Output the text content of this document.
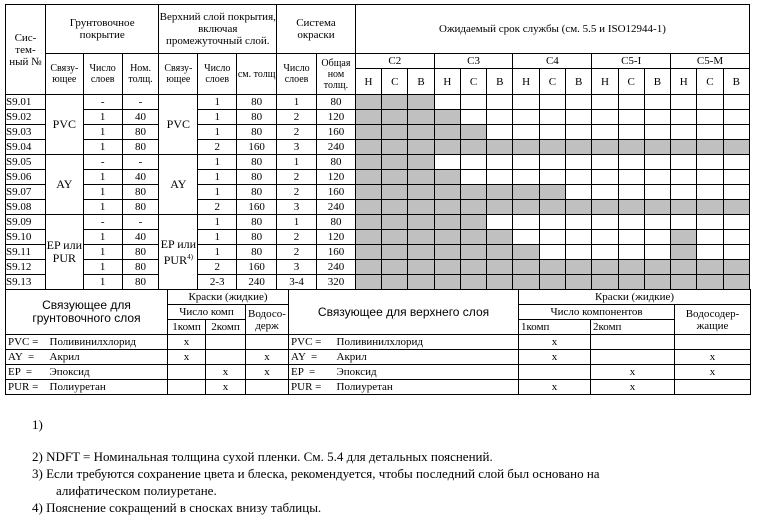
Сис-тем-ный №	Грунтовочное покрытие			Верхний слой покрытия, включая промежуточный слой.			Система окраски		Ожидаемый срок службы (см. 5.5 и ISO12944-1)														
	Связу-ющее	Число слоев	Ном. толщ.	Связу-ющее	Число слоев	см. толщ	Число слоев	Общая ном толщ.	C2			C3			C4			C5-I			C5-M		
									Н	С	В	Н	С	В	Н	С	В	Н	С	В	Н	С	В
S9.01	PVC	-	-	PVC	1	80	1	80															
S9.02		1	40		1	80	2	120															
S9.03		1	80		1	80	2	160															
S9.04		1	80		2	160	3	240															
S9.05	AY	-	-	AY	1	80	1	80															
S9.06		1	40		1	80	2	120															
S9.07		1	80		1	80	2	160															
S9.08		1	80		2	160	3	240															
S9.09	EP или PUR	-	-	EP или PUR$^{4)}$	1	80	1	80															
S9.10		1	40		1	80	2	120															
S9.11		1	80		1	80	2	160															
S9.12		1	80		2	160	3	240															
S9.13		1	80		2-3	240	3-4	320															
Связующее для грунтовочного слоя		Краски (жидкие)			Связующее для верхнего слоя		Краски (жидкие)		
		Число комп		Водосо-держ			Число компонентов		Водосодер-жащие
		1комп	2комп				1комп	2комп	
PVC =	Поливинилхлорид	x			PVC =	Поливинилхлорид	x		
AY  =	Акрил	x		x	AY  =	Акрил	x		x
EP  =	Эпоксид		x	x	EP  =	Эпоксид		x	x
PUR =	Полиуретан		x		PUR =	Полиуретан	x	x	

1)

2) NDFT = Номинальная толщина сухой пленки. См. 5.4 для детальных пояснений.

3) Если требуются сохранение цвета и блеска, рекомендуется, чтобы последний слой был основано на

алифатическом полиуретане.

4) Пояснение сокращений в сносках внизу таблицы.
